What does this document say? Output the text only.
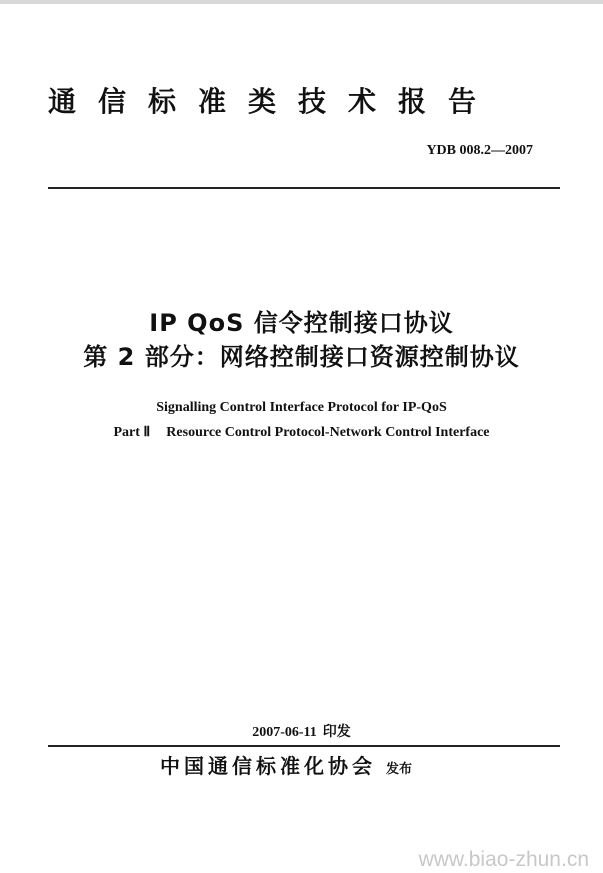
通信标准类技术报告
YDB 008.2—2007
IP QoS 信令控制接口协议
第 2 部分：网络控制接口资源控制协议
Signalling Control Interface Protocol for IP-QoS
Part Ⅱ Resource Control Protocol-Network Control Interface
2007-06-11 印发
中国通信标准化协会 发布
www.biao-zhun.cn
